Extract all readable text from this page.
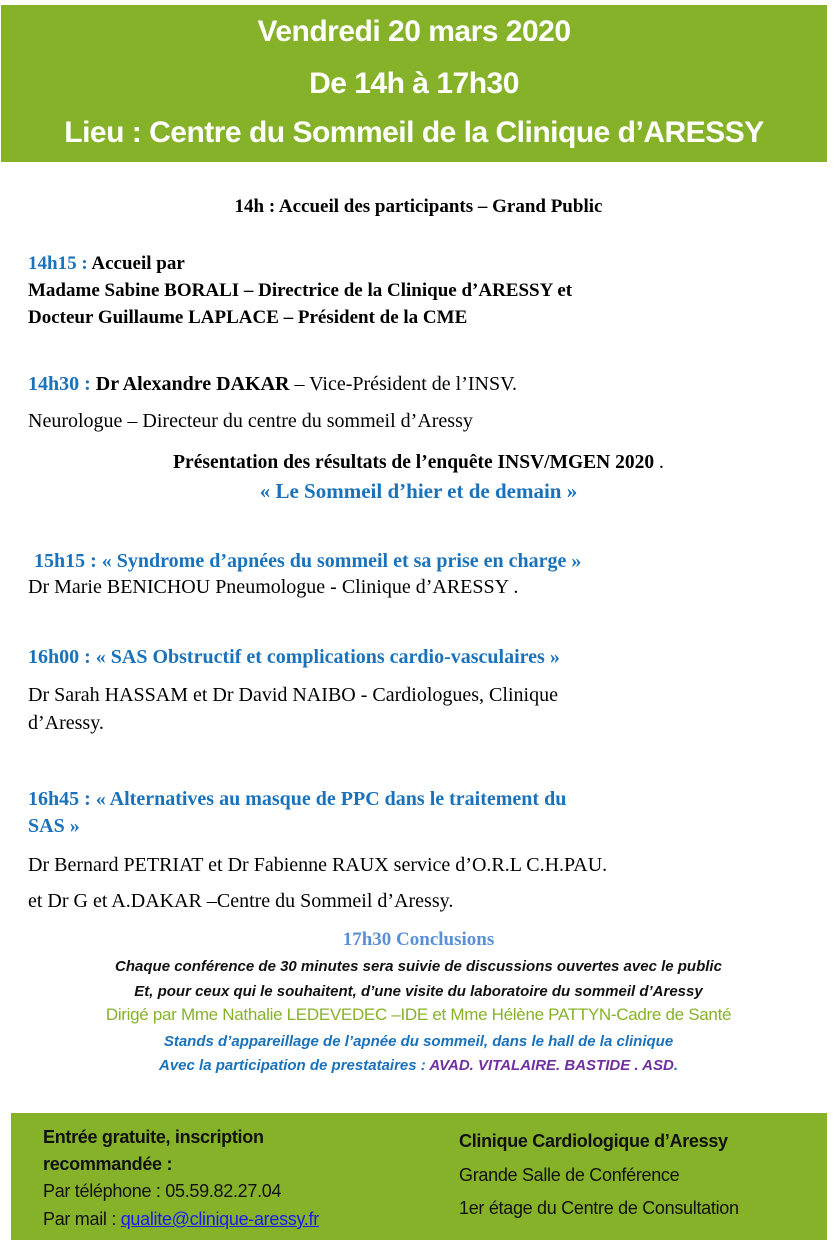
Vendredi 20 mars 2020
De 14h à 17h30
Lieu : Centre du Sommeil de la Clinique d’ARESSY
14h : Accueil des participants – Grand Public
14h15 : Accueil par
Madame Sabine BORALI – Directrice de la Clinique d’ARESSY et
Docteur Guillaume LAPLACE – Président de la CME
14h30 : Dr Alexandre DAKAR – Vice-Président de l’INSV.
Neurologue – Directeur du centre du sommeil d’Aressy
Présentation des résultats de l’enquête INSV/MGEN 2020 .
« Le Sommeil d’hier et de demain »
15h15 : « Syndrome d’apnées du sommeil et sa prise en charge »
Dr Marie BENICHOU Pneumologue - Clinique d’ARESSY .
16h00 : « SAS Obstructif et complications cardio-vasculaires »
Dr Sarah HASSAM et Dr David NAIBO - Cardiologues, Clinique
d’Aressy.
16h45 : « Alternatives au masque de PPC dans le traitement du
SAS »
Dr Bernard PETRIAT et Dr Fabienne RAUX service d’O.R.L C.H.PAU.
et Dr G et A.DAKAR –Centre du Sommeil d’Aressy.
17h30 Conclusions
Chaque conférence de 30 minutes sera suivie de discussions ouvertes avec le public
Et, pour ceux qui le souhaitent, d’une visite du laboratoire du sommeil d’Aressy
Dirigé par Mme Nathalie LEDEVEDEC –IDE et Mme Hélène PATTYN-Cadre de Santé
Stands d’appareillage de l’apnée du sommeil, dans le hall de la clinique
Avec la participation de prestataires : AVAD. VITALAIRE. BASTIDE . ASD.
Entrée gratuite, inscription
recommandée :
Par téléphone : 05.59.82.27.04
Par mail : qualite@clinique-aressy.fr
Clinique Cardiologique d’Aressy
Grande Salle de Conférence
1er étage du Centre de Consultation
